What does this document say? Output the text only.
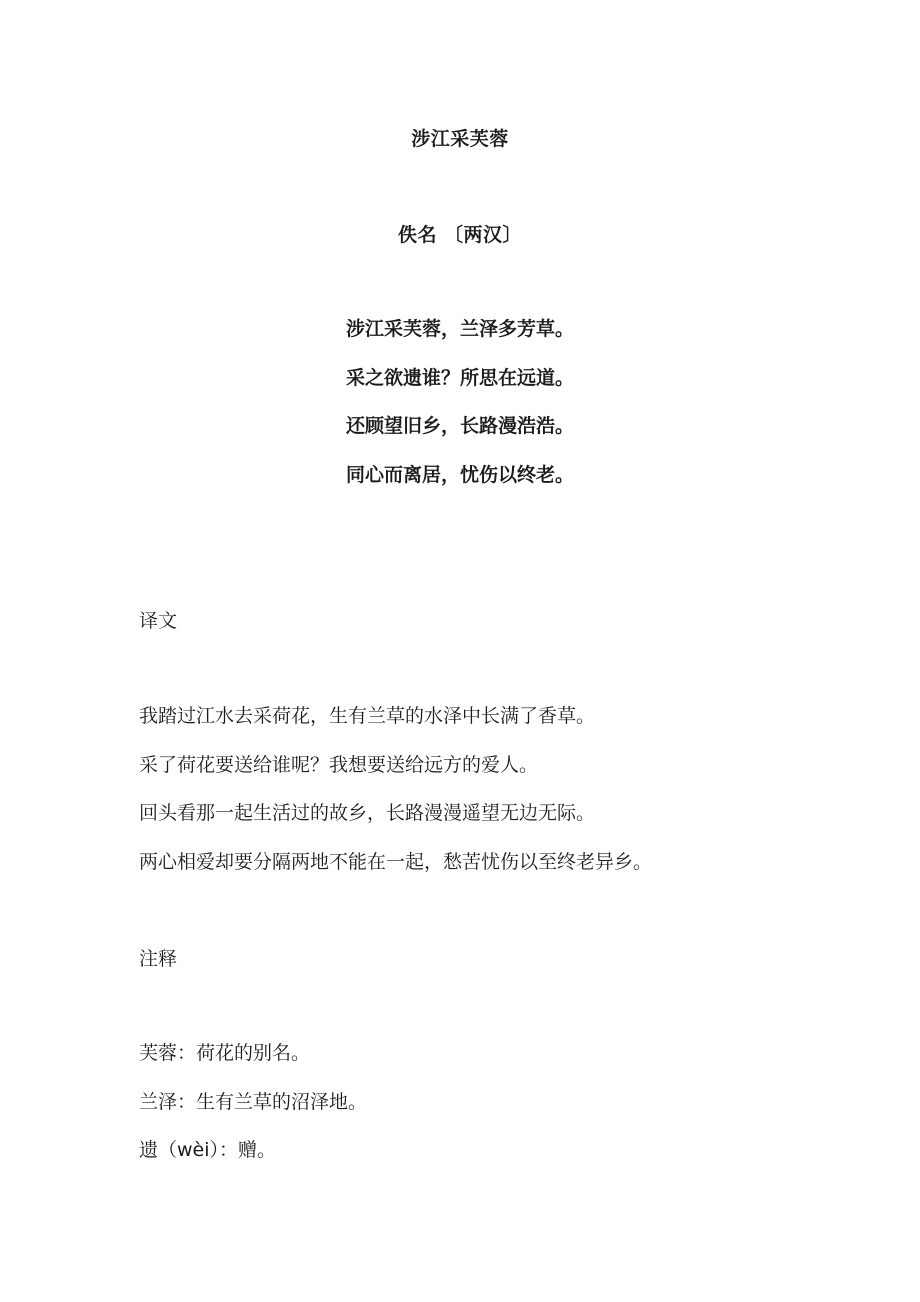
涉江采芙蓉
佚名 〔两汉〕
涉江采芙蓉，兰泽多芳草。
采之欲遗谁？所思在远道。
还顾望旧乡，长路漫浩浩。
同心而离居，忧伤以终老。
译文
我踏过江水去采荷花，生有兰草的水泽中长满了香草。
采了荷花要送给谁呢？我想要送给远方的爱人。
回头看那一起生活过的故乡，长路漫漫遥望无边无际。
两心相爱却要分隔两地不能在一起，愁苦忧伤以至终老异乡。
注释
芙蓉：荷花的别名。
兰泽：生有兰草的沼泽地。
遗（wèi）：赠。
